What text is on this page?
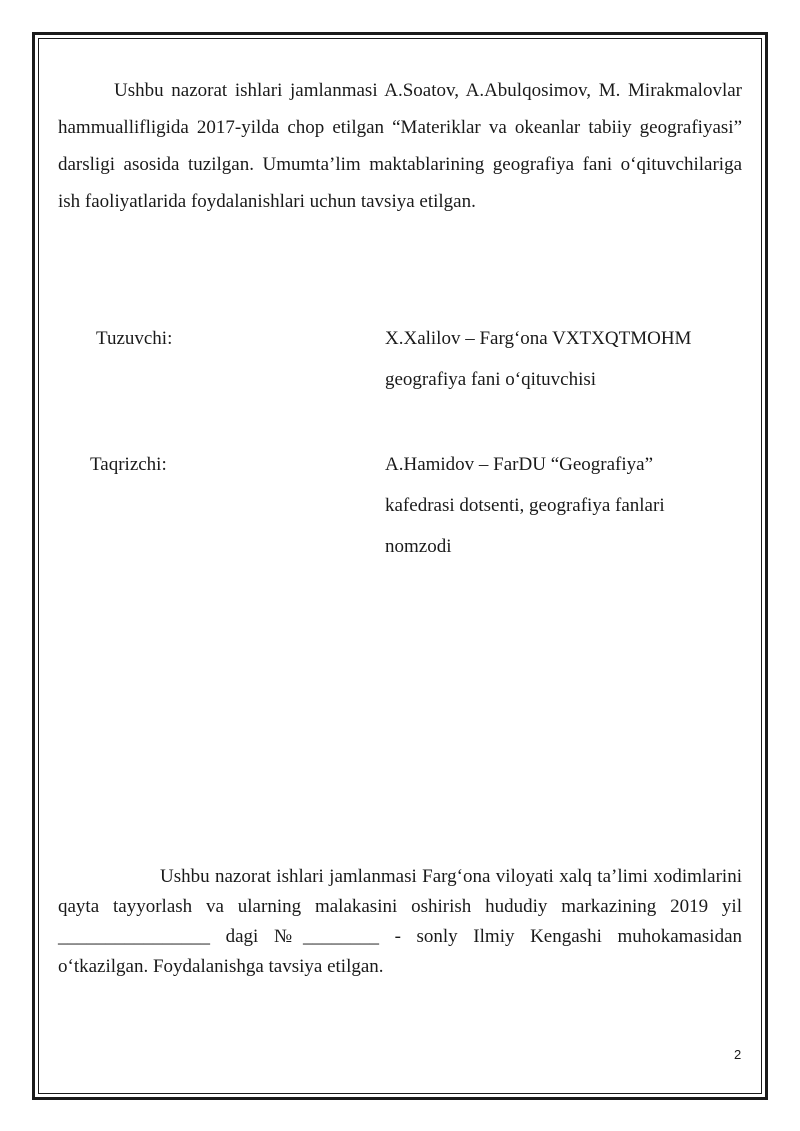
Ushbu nazorat ishlari jamlanmasi A.Soatov, A.Abulqosimov, M. Mirakmalovlar hammuallifligida 2017-yilda chop etilgan “Materiklar va okeanlar tabiiy geografiyasi” darsligi asosida tuzilgan. Umumta’lim maktablarining geografiya fani o‘qituvchilariga ish faoliyatlarida foydalanishlari uchun tavsiya etilgan.

Tuzuvchi:	X.Xalilov – Farg‘ona VXTXQTMOHM

geografiya fani o‘qituvchisi

Taqrizchi:	A.Hamidov – FarDU “Geografiya”

kafedrasi dotsenti, geografiya fanlari

nomzodi

Ushbu nazorat ishlari jamlanmasi Farg‘ona viloyati xalq ta’limi xodimlarini qayta tayyorlash va ularning malakasini oshirish hududiy markazining 2019 yil ________________ dagi №________ - sonly Ilmiy Kengashi muhokamasidan o‘tkazilgan. Foydalanishga tavsiya etilgan.

2
